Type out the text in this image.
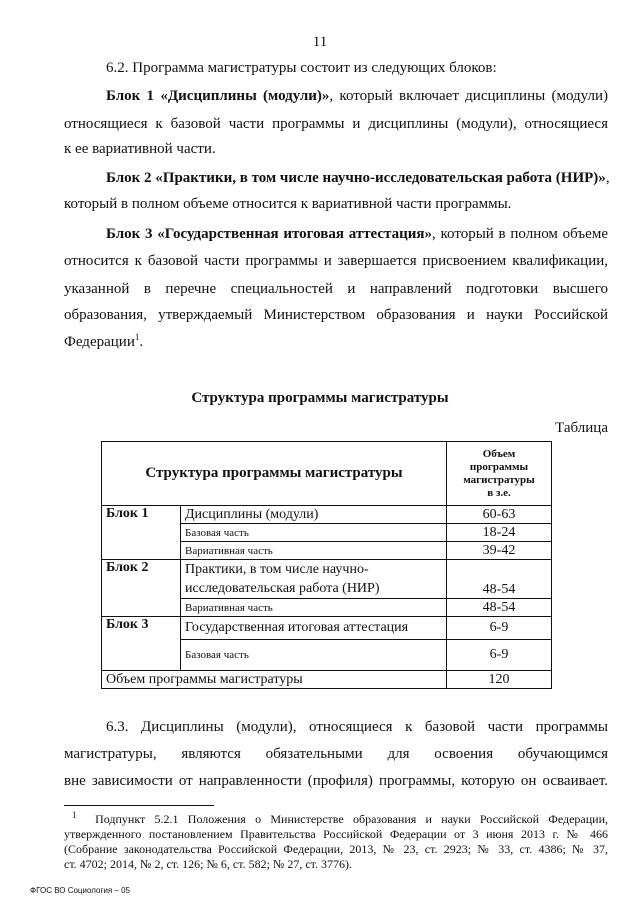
11
6.2. Программа магистратуры состоит из следующих блоков:
Блок 1 «Дисциплины (модули)», который включает дисциплины (модули)
относящиеся к базовой части программы и дисциплины (модули), относящиеся
к ее вариативной части.
Блок 2 «Практики, в том числе научно-исследовательская работа (НИР)»,
который в полном объеме относится к вариативной части программы.
Блок 3 «Государственная итоговая аттестация», который в полном объеме
относится к базовой части программы и завершается присвоением квалификации,
указанной в перечне специальностей и направлений подготовки высшего
образования, утверждаемый Министерством образования и науки Российской
Федерации$^1$.
Структура программы магистратуры
Таблица
Структура программы магистратуры		Объем
программы
магистратуры
в з.е.

Блок 1	Дисциплины (модули)	60-63
	Базовая часть	18-24
	Вариативная часть	39-42
Блок 2	Практики, в том числе научно-
исследовательская работа (НИР)	48-54
	Вариативная часть	48-54
Блок 3	Государственная итоговая аттестация	6-9
	Базовая часть	6-9
Объем программы магистратуры		120
6.3. Дисциплины (модули), относящиеся к базовой части программы
магистратуры, являются обязательными для освоения обучающимся
вне зависимости от направленности (профиля) программы, которую он осваивает.
$^1$ Подпункт 5.2.1 Положения о Министерстве образования и науки Российской Федерации,
утвержденного постановлением Правительства Российской Федерации от 3 июня 2013 г. № 466
(Собрание законодательства Российской Федерации, 2013, № 23, ст. 2923; № 33, ст. 4386; № 37,
ст. 4702; 2014, № 2, ст. 126; № 6, ст. 582; № 27, ст. 3776).
ФГОС ВО Социология – 05
